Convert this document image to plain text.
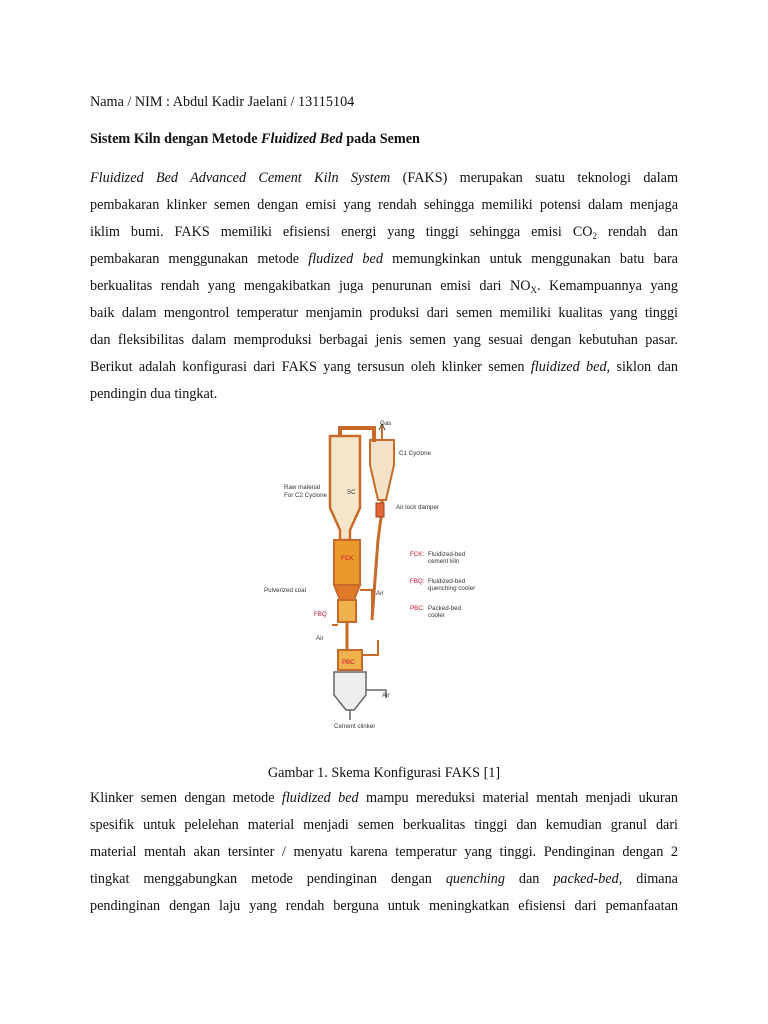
Nama / NIM : Abdul Kadir Jaelani / 13115104

Sistem Kiln dengan Metode Fluidized Bed pada Semen

Fluidized Bed Advanced Cement Kiln System (FAKS) merupakan suatu teknologi dalam

pembakaran klinker semen dengan emisi yang rendah sehingga memiliki potensi dalam menjaga

iklim bumi. FAKS memiliki efisiensi energi yang tinggi sehingga emisi $CO_2$ rendah dan

pembakaran menggunakan metode fludized bed memungkinkan untuk menggunakan batu bara

berkualitas rendah yang mengakibatkan juga penurunan emisi dari $NO_X$. Kemampuannya yang

baik dalam mengontrol temperatur menjamin produksi dari semen memiliki kualitas yang tinggi

dan fleksibilitas dalam memproduksi berbagai jenis semen yang sesuai dengan kebutuhan pasar.

Berikut adalah konfigurasi dari FAKS yang tersusun oleh klinker semen fluidized bed, siklon dan

pendingin dua tingkat.

Gas
C1 Cyclone
Raw material
For C2 Cyclone	SC
Air lock damper
FCK
Air
Pulverized coal
FBQ
Air
PBC
Air
Cement clinker
FCK: Fluidized-bed
cement kiln
FBQ: Fluidized-bed
quenching cooler
PBC: Packed-bed
cooler

Gambar 1. Skema Konfigurasi FAKS [1]

Klinker semen dengan metode fluidized bed mampu mereduksi material mentah menjadi ukuran

spesifik untuk pelelehan material menjadi semen berkualitas tinggi dan kemudian granul dari

material mentah akan tersinter / menyatu karena temperatur yang tinggi. Pendinginan dengan 2

tingkat menggabungkan metode pendinginan dengan quenching dan packed-bed, dimana

pendinginan dengan laju yang rendah berguna untuk meningkatkan efisiensi dari pemanfaatan
